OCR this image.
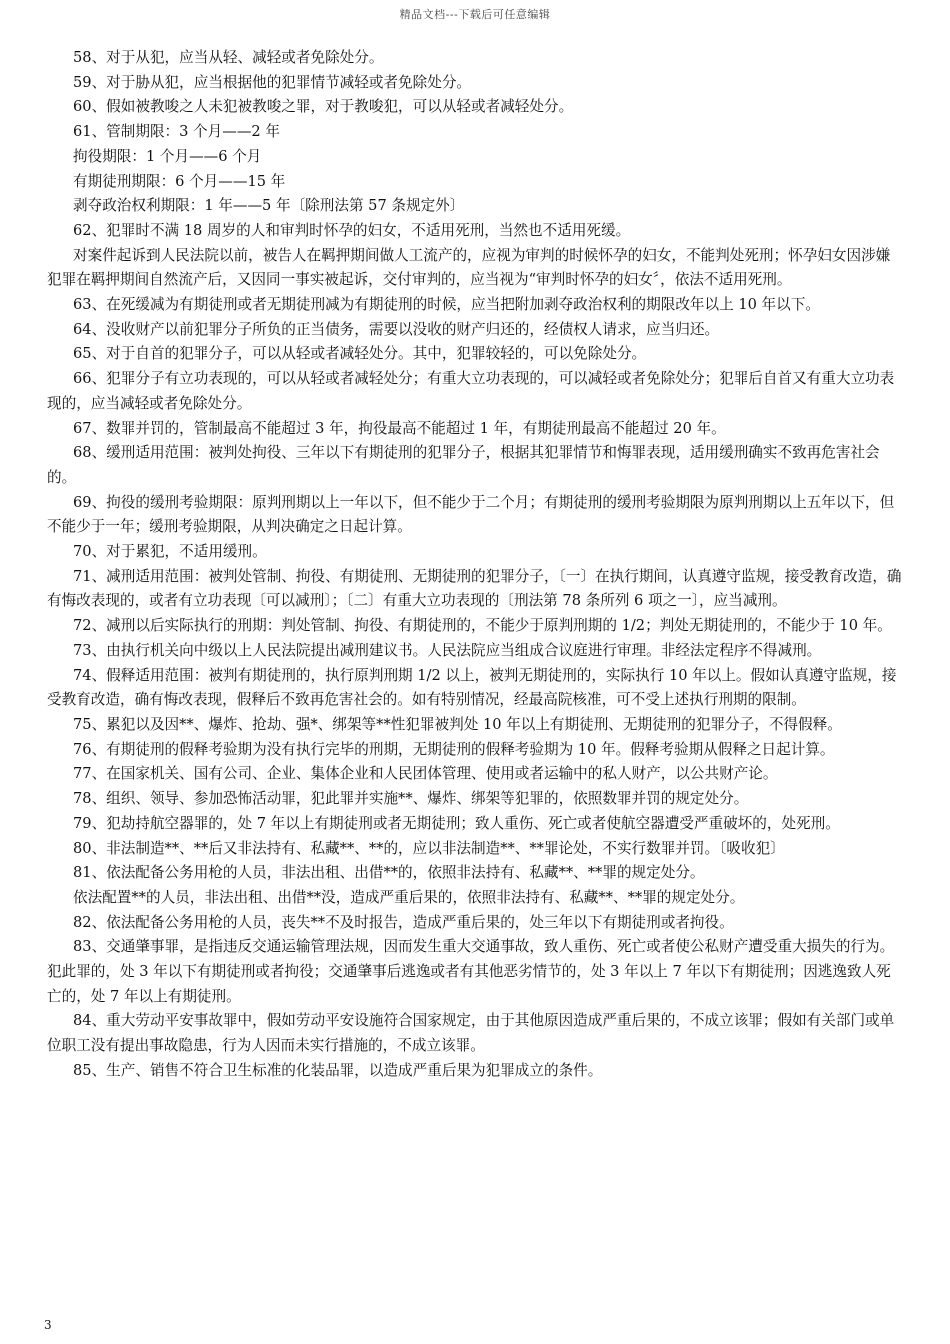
精品文档---下载后可任意编辑

58、对于从犯，应当从轻、减轻或者免除处分。

59、对于胁从犯，应当根据他的犯罪情节减轻或者免除处分。

60、假如被教唆之人未犯被教唆之罪，对于教唆犯，可以从轻或者减轻处分。

61、管制期限：3 个月——2 年

拘役期限：1 个月——6 个月

有期徒刑期限：6 个月——15 年

剥夺政治权利期限：1 年——5 年〔除刑法第 57 条规定外〕

62、犯罪时不满 18 周岁的人和审判时怀孕的妇女，不适用死刑，当然也不适用死缓。

对案件起诉到人民法院以前，被告人在羁押期间做人工流产的，应视为审判的时候怀孕的妇女，不能判处死刑；怀孕妇女因涉嫌犯罪在羁押期间自然流产后，又因同一事实被起诉，交付审判的，应当视为“审判时怀孕的妇女〞，依法不适用死刑。

63、在死缓减为有期徒刑或者无期徒刑减为有期徒刑的时候，应当把附加剥夺政治权利的期限改年以上 10 年以下。

64、没收财产以前犯罪分子所负的正当债务，需要以没收的财产归还的，经债权人请求，应当归还。

65、对于自首的犯罪分子，可以从轻或者减轻处分。其中，犯罪较轻的，可以免除处分。

66、犯罪分子有立功表现的，可以从轻或者减轻处分；有重大立功表现的，可以减轻或者免除处分；犯罪后自首又有重大立功表现的，应当减轻或者免除处分。

67、数罪并罚的，管制最高不能超过 3 年，拘役最高不能超过 1 年，有期徒刑最高不能超过 20 年。

68、缓刑适用范围：被判处拘役、三年以下有期徒刑的犯罪分子，根据其犯罪情节和悔罪表现，适用缓刑确实不致再危害社会的。

69、拘役的缓刑考验期限：原判刑期以上一年以下，但不能少于二个月；有期徒刑的缓刑考验期限为原判刑期以上五年以下，但不能少于一年；缓刑考验期限，从判决确定之日起计算。

70、对于累犯，不适用缓刑。

71、减刑适用范围：被判处管制、拘役、有期徒刑、无期徒刑的犯罪分子，〔一〕在执行期间，认真遵守监规，接受教育改造，确有悔改表现的，或者有立功表现〔可以减刑〕；〔二〕有重大立功表现的〔刑法第 78 条所列 6 项之一〕，应当减刑。

72、减刑以后实际执行的刑期：判处管制、拘役、有期徒刑的，不能少于原判刑期的 1/2；判处无期徒刑的，不能少于 10 年。

73、由执行机关向中级以上人民法院提出减刑建议书。人民法院应当组成合议庭进行审理。非经法定程序不得减刑。

74、假释适用范围：被判有期徒刑的，执行原判刑期 1/2 以上，被判无期徒刑的，实际执行 10 年以上。假如认真遵守监规，接受教育改造，确有悔改表现，假释后不致再危害社会的。如有特别情况，经最高院核准，可不受上述执行刑期的限制。

75、累犯以及因**、爆炸、抢劫、强*、绑架等**性犯罪被判处 10 年以上有期徒刑、无期徒刑的犯罪分子，不得假释。

76、有期徒刑的假释考验期为没有执行完毕的刑期，无期徒刑的假释考验期为 10 年。假释考验期从假释之日起计算。

77、在国家机关、国有公司、企业、集体企业和人民团体管理、使用或者运输中的私人财产，以公共财产论。

78、组织、领导、参加恐怖活动罪，犯此罪并实施**、爆炸、绑架等犯罪的，依照数罪并罚的规定处分。

79、犯劫持航空器罪的，处 7 年以上有期徒刑或者无期徒刑；致人重伤、死亡或者使航空器遭受严重破坏的，处死刑。

80、非法制造**、**后又非法持有、私藏**、**的，应以非法制造**、**罪论处，不实行数罪并罚。〔吸收犯〕

81、依法配备公务用枪的人员，非法出租、出借**的，依照非法持有、私藏**、**罪的规定处分。

依法配置**的人员，非法出租、出借**没，造成严重后果的，依照非法持有、私藏**、**罪的规定处分。

82、依法配备公务用枪的人员，丧失**不及时报告，造成严重后果的，处三年以下有期徒刑或者拘役。

83、交通肇事罪，是指违反交通运输管理法规，因而发生重大交通事故，致人重伤、死亡或者使公私财产遭受重大损失的行为。 犯此罪的，处 3 年以下有期徒刑或者拘役；交通肇事后逃逸或者有其他恶劣情节的，处 3 年以上 7 年以下有期徒刑；因逃逸致人死亡的，处 7 年以上有期徒刑。

84、重大劳动平安事故罪中，假如劳动平安设施符合国家规定，由于其他原因造成严重后果的，不成立该罪；假如有关部门或单位职工没有提出事故隐患，行为人因而未实行措施的，不成立该罪。

85、生产、销售不符合卫生标准的化装品罪，以造成严重后果为犯罪成立的条件。

3
